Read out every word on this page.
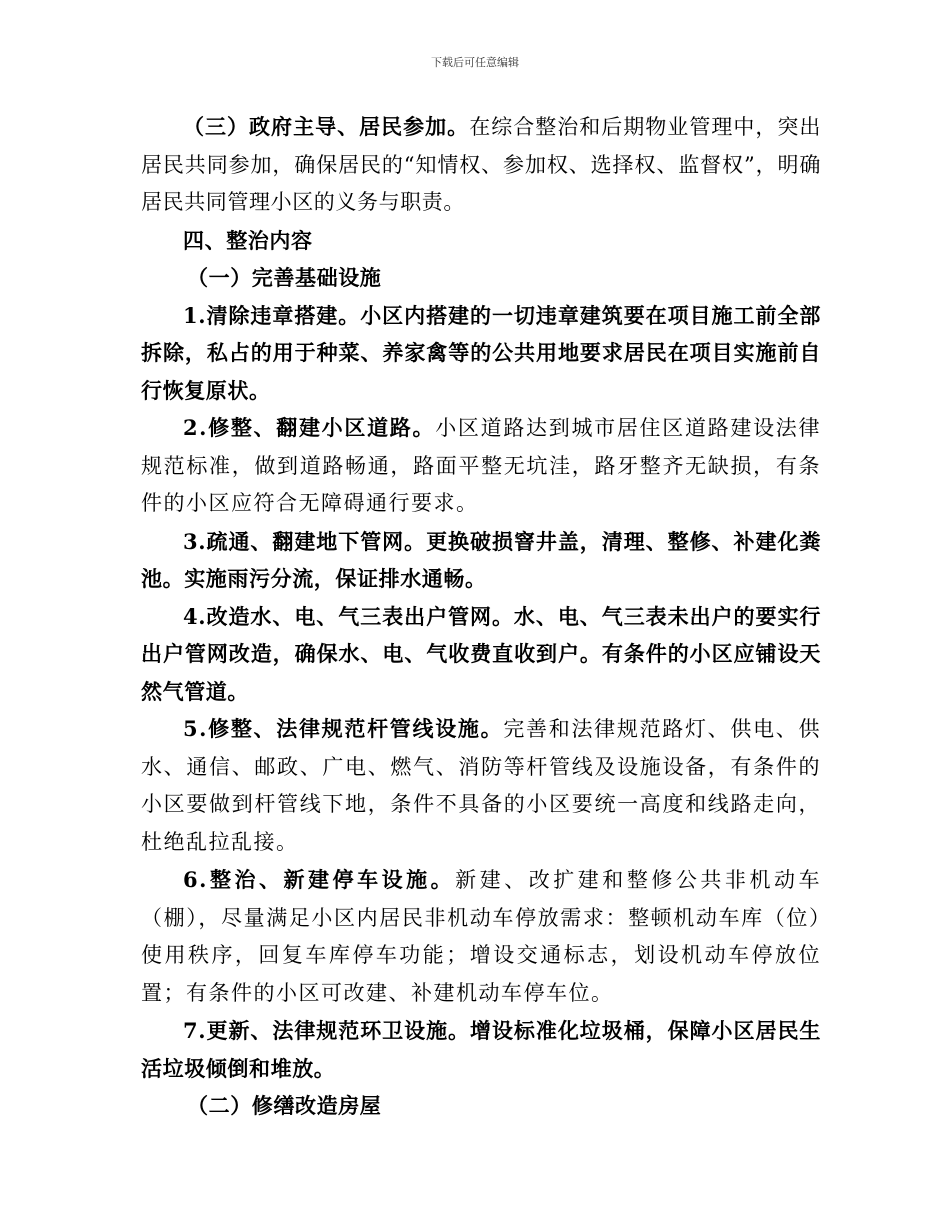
下载后可任意编辑

（三）政府主导、居民参加。在综合整治和后期物业管理中，突出居民共同参加，确保居民的“知情权、参加权、选择权、监督权”，明确居民共同管理小区的义务与职责。

四、整治内容

（一）完善基础设施

1.清除违章搭建。小区内搭建的一切违章建筑要在项目施工前全部拆除，私占的用于种菜、养家禽等的公共用地要求居民在项目实施前自行恢复原状。

2.修整、翻建小区道路。小区道路达到城市居住区道路建设法律规范标准，做到道路畅通，路面平整无坑洼，路牙整齐无缺损，有条件的小区应符合无障碍通行要求。

3.疏通、翻建地下管网。更换破损窨井盖，清理、整修、补建化粪池。实施雨污分流，保证排水通畅。

4.改造水、电、气三表出户管网。水、电、气三表未出户的要实行出户管网改造，确保水、电、气收费直收到户。有条件的小区应铺设天然气管道。

5.修整、法律规范杆管线设施。完善和法律规范路灯、供电、供水、通信、邮政、广电、燃气、消防等杆管线及设施设备，有条件的小区要做到杆管线下地，条件不具备的小区要统一高度和线路走向，杜绝乱拉乱接。

6.整治、新建停车设施。新建、改扩建和整修公共非机动车（棚），尽量满足小区内居民非机动车停放需求：整顿机动车库（位）使用秩序，回复车库停车功能；增设交通标志，划设机动车停放位置；有条件的小区可改建、补建机动车停车位。

7.更新、法律规范环卫设施。增设标准化垃圾桶，保障小区居民生活垃圾倾倒和堆放。

（二）修缮改造房屋
